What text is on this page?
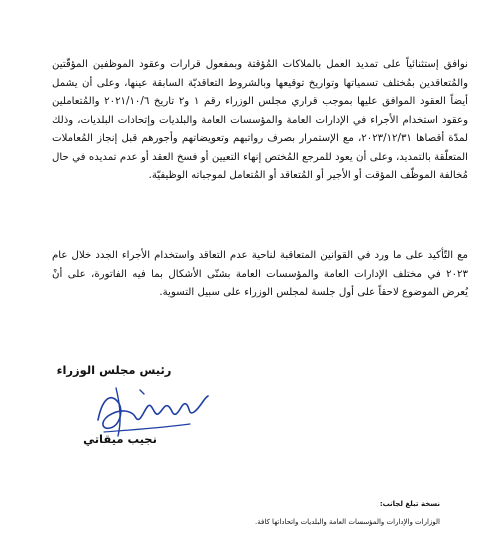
نوافق إستثنائياً على تمديد العمل بالملاكات المُؤقتة وبمفعول قرارات وعقود الموظفين المؤقّتين والمُتعاقدين بمُختلف تسمياتها وتواريخ توقيعها وبالشروط التعاقديّة السابقة عينها، وعلى أن يشمل أيضاً العقود الموافق عليها بموجب قراري مجلس الوزراء رقم ١ و٢ تاريخ ٢٠٢١/١٠/٦ والمُتعاملين وعقود استخدام الأجراء في الإدارات العامة والمؤسسات العامة والبلديات وإتحادات البلديات، وذلك لمدّة أقصاها ٢٠٢٣/١٢/٣١، مع الإستمرار بصرف رواتبهم وتعويضاتهم وأجورهم قبل إنجاز المُعاملات المتعلّقة بالتمديد، وعلى أن يعود للمرجع المُختص إنهاء التعيين أو فسخ العقد أو عدم تمديده في حال مُخالفة الموظّف المؤقت أو الأجير أو المُتعاقد أو المُتعامل لموجباته الوظيفيّة.

مع التّأكيد على ما ورد في القوانين المتعاقبة لناحية عدم التعاقد واستخدام الأجراء الجدد خلال عام ٢٠٢٣ في مختلف الإدارات العامة والمؤسسات العامة بشتّى الأشكال بما فيه الفاتورة، على أنْ يُعرض الموضوع لاحقاً على أول جلسة لمجلس الوزراء على سبيل التسوية.

رئيس مجلس الوزراء
نجيب ميقاتي
نسخة تبلغ لجانب:
الوزارات والإدارات والمؤسسات العامة والبلديات واتحاداتها كافة.
